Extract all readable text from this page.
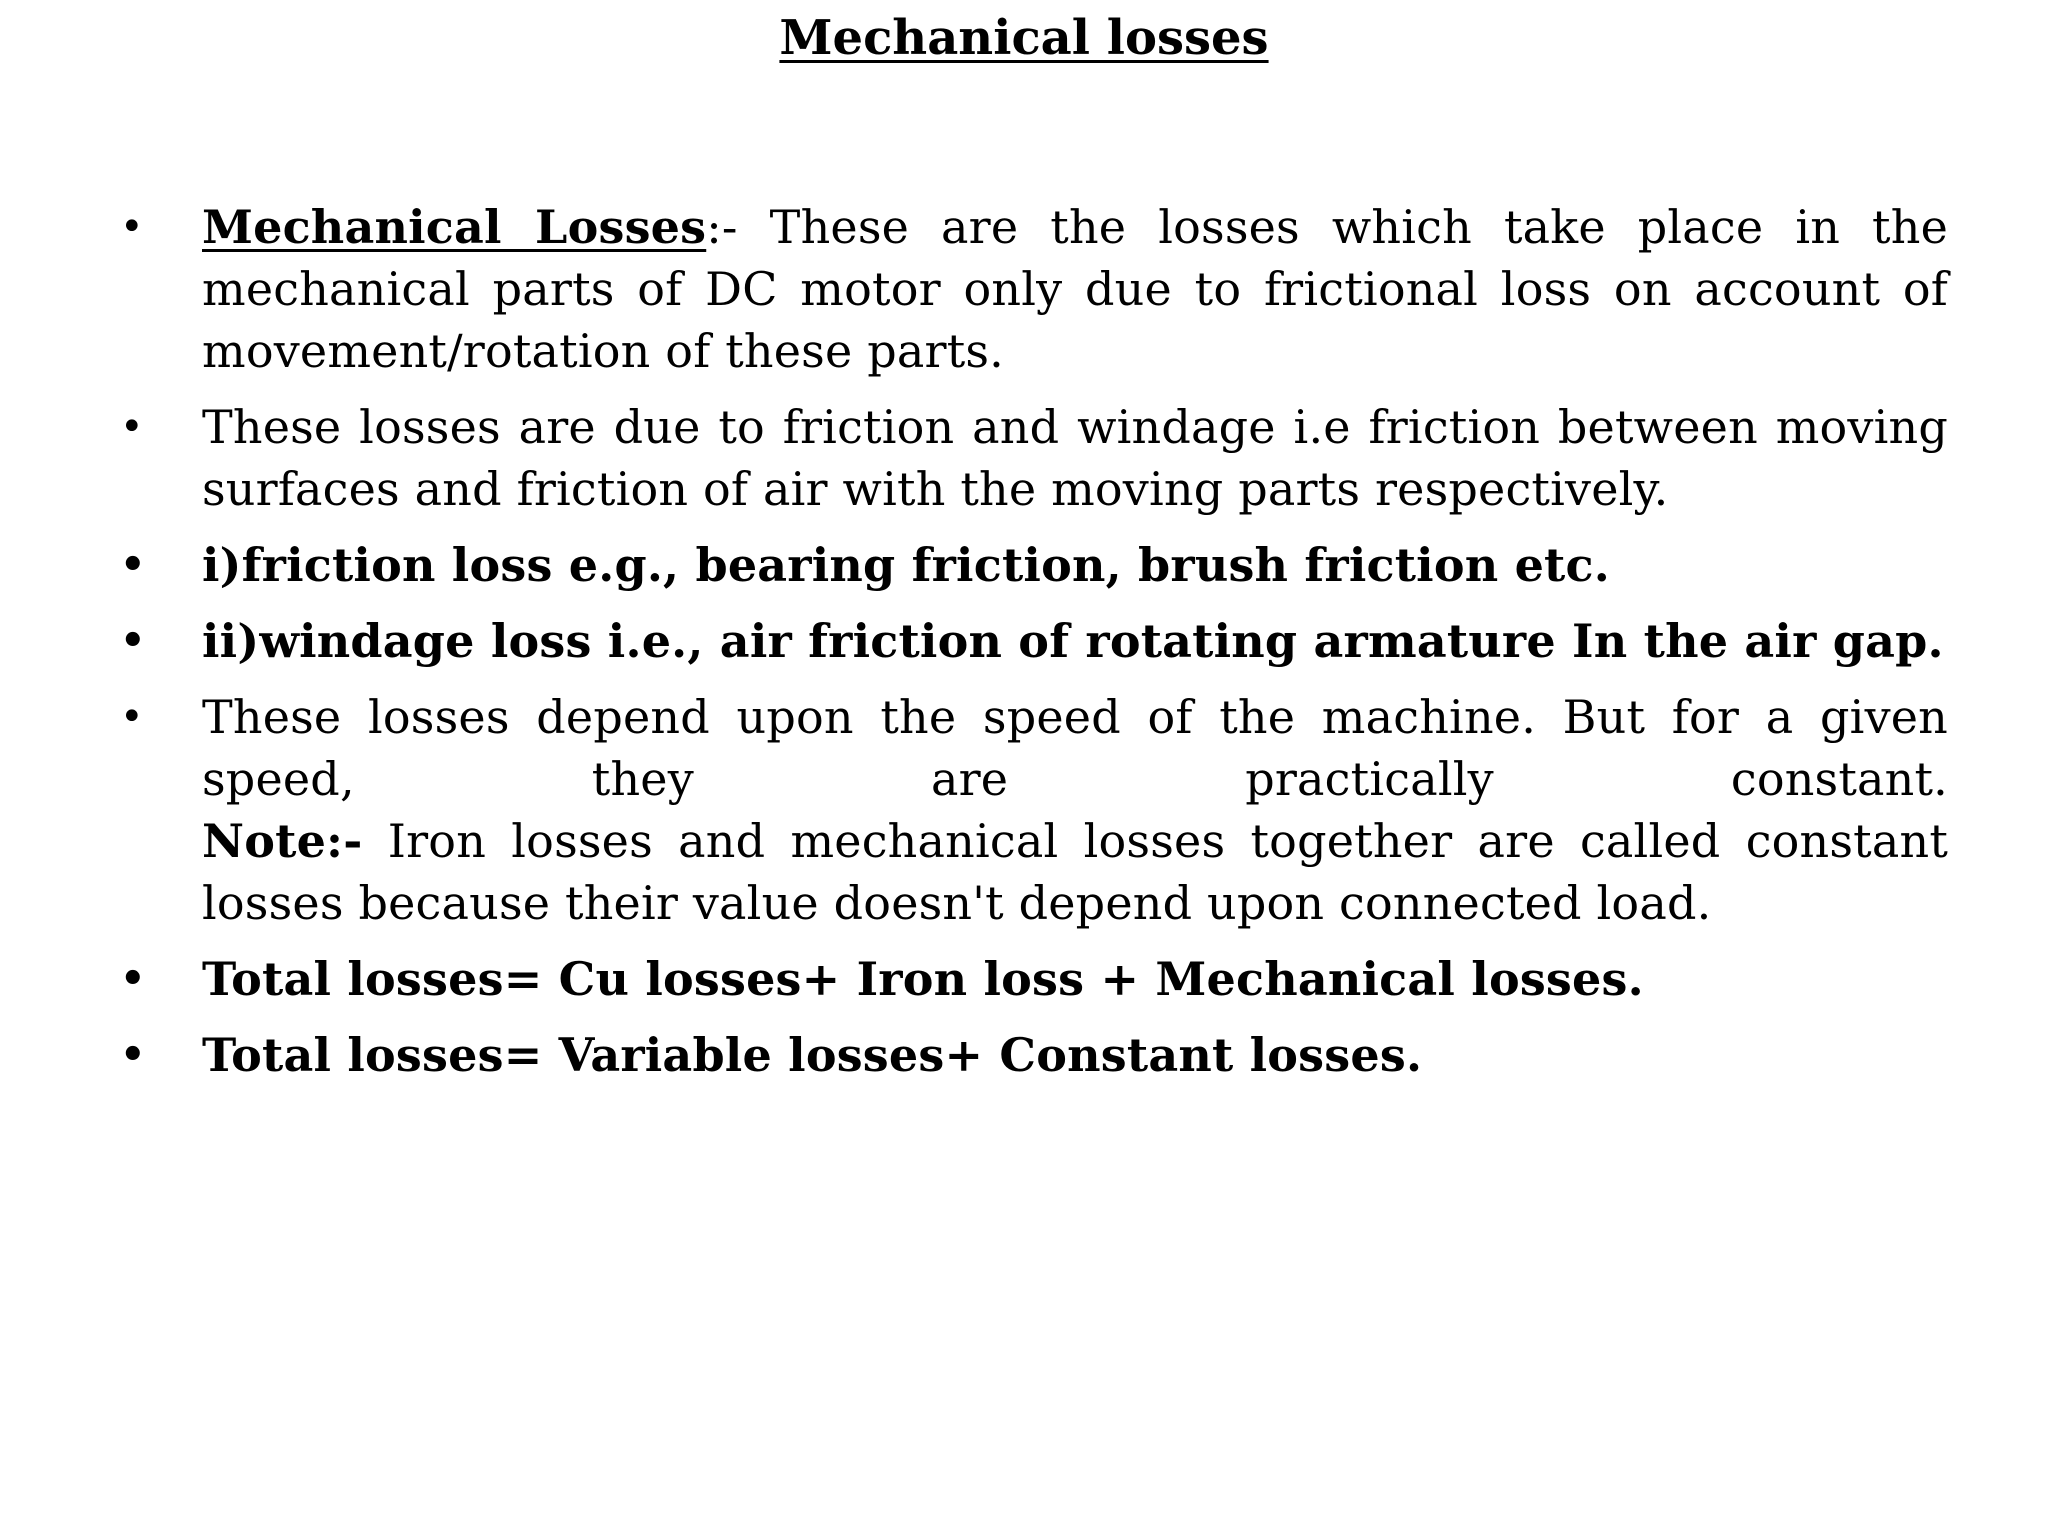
Mechanical losses
• Mechanical Losses:- These are the losses which take place in the mechanical parts of DC motor only due to frictional loss on account of movement/rotation of these parts.
• These losses are due to friction and windage i.e friction between moving surfaces and friction of air with the moving parts respectively.
• i)friction loss e.g., bearing friction, brush friction etc.
• ii)windage loss i.e., air friction of rotating armature In the air gap.
• These losses depend upon the speed of the machine. But for a given speed, they are practically constant.
Note:- Iron losses and mechanical losses together are called constant losses because their value doesn't depend upon connected load.
• Total losses= Cu losses+ Iron loss + Mechanical losses.
• Total losses= Variable losses+ Constant losses.
